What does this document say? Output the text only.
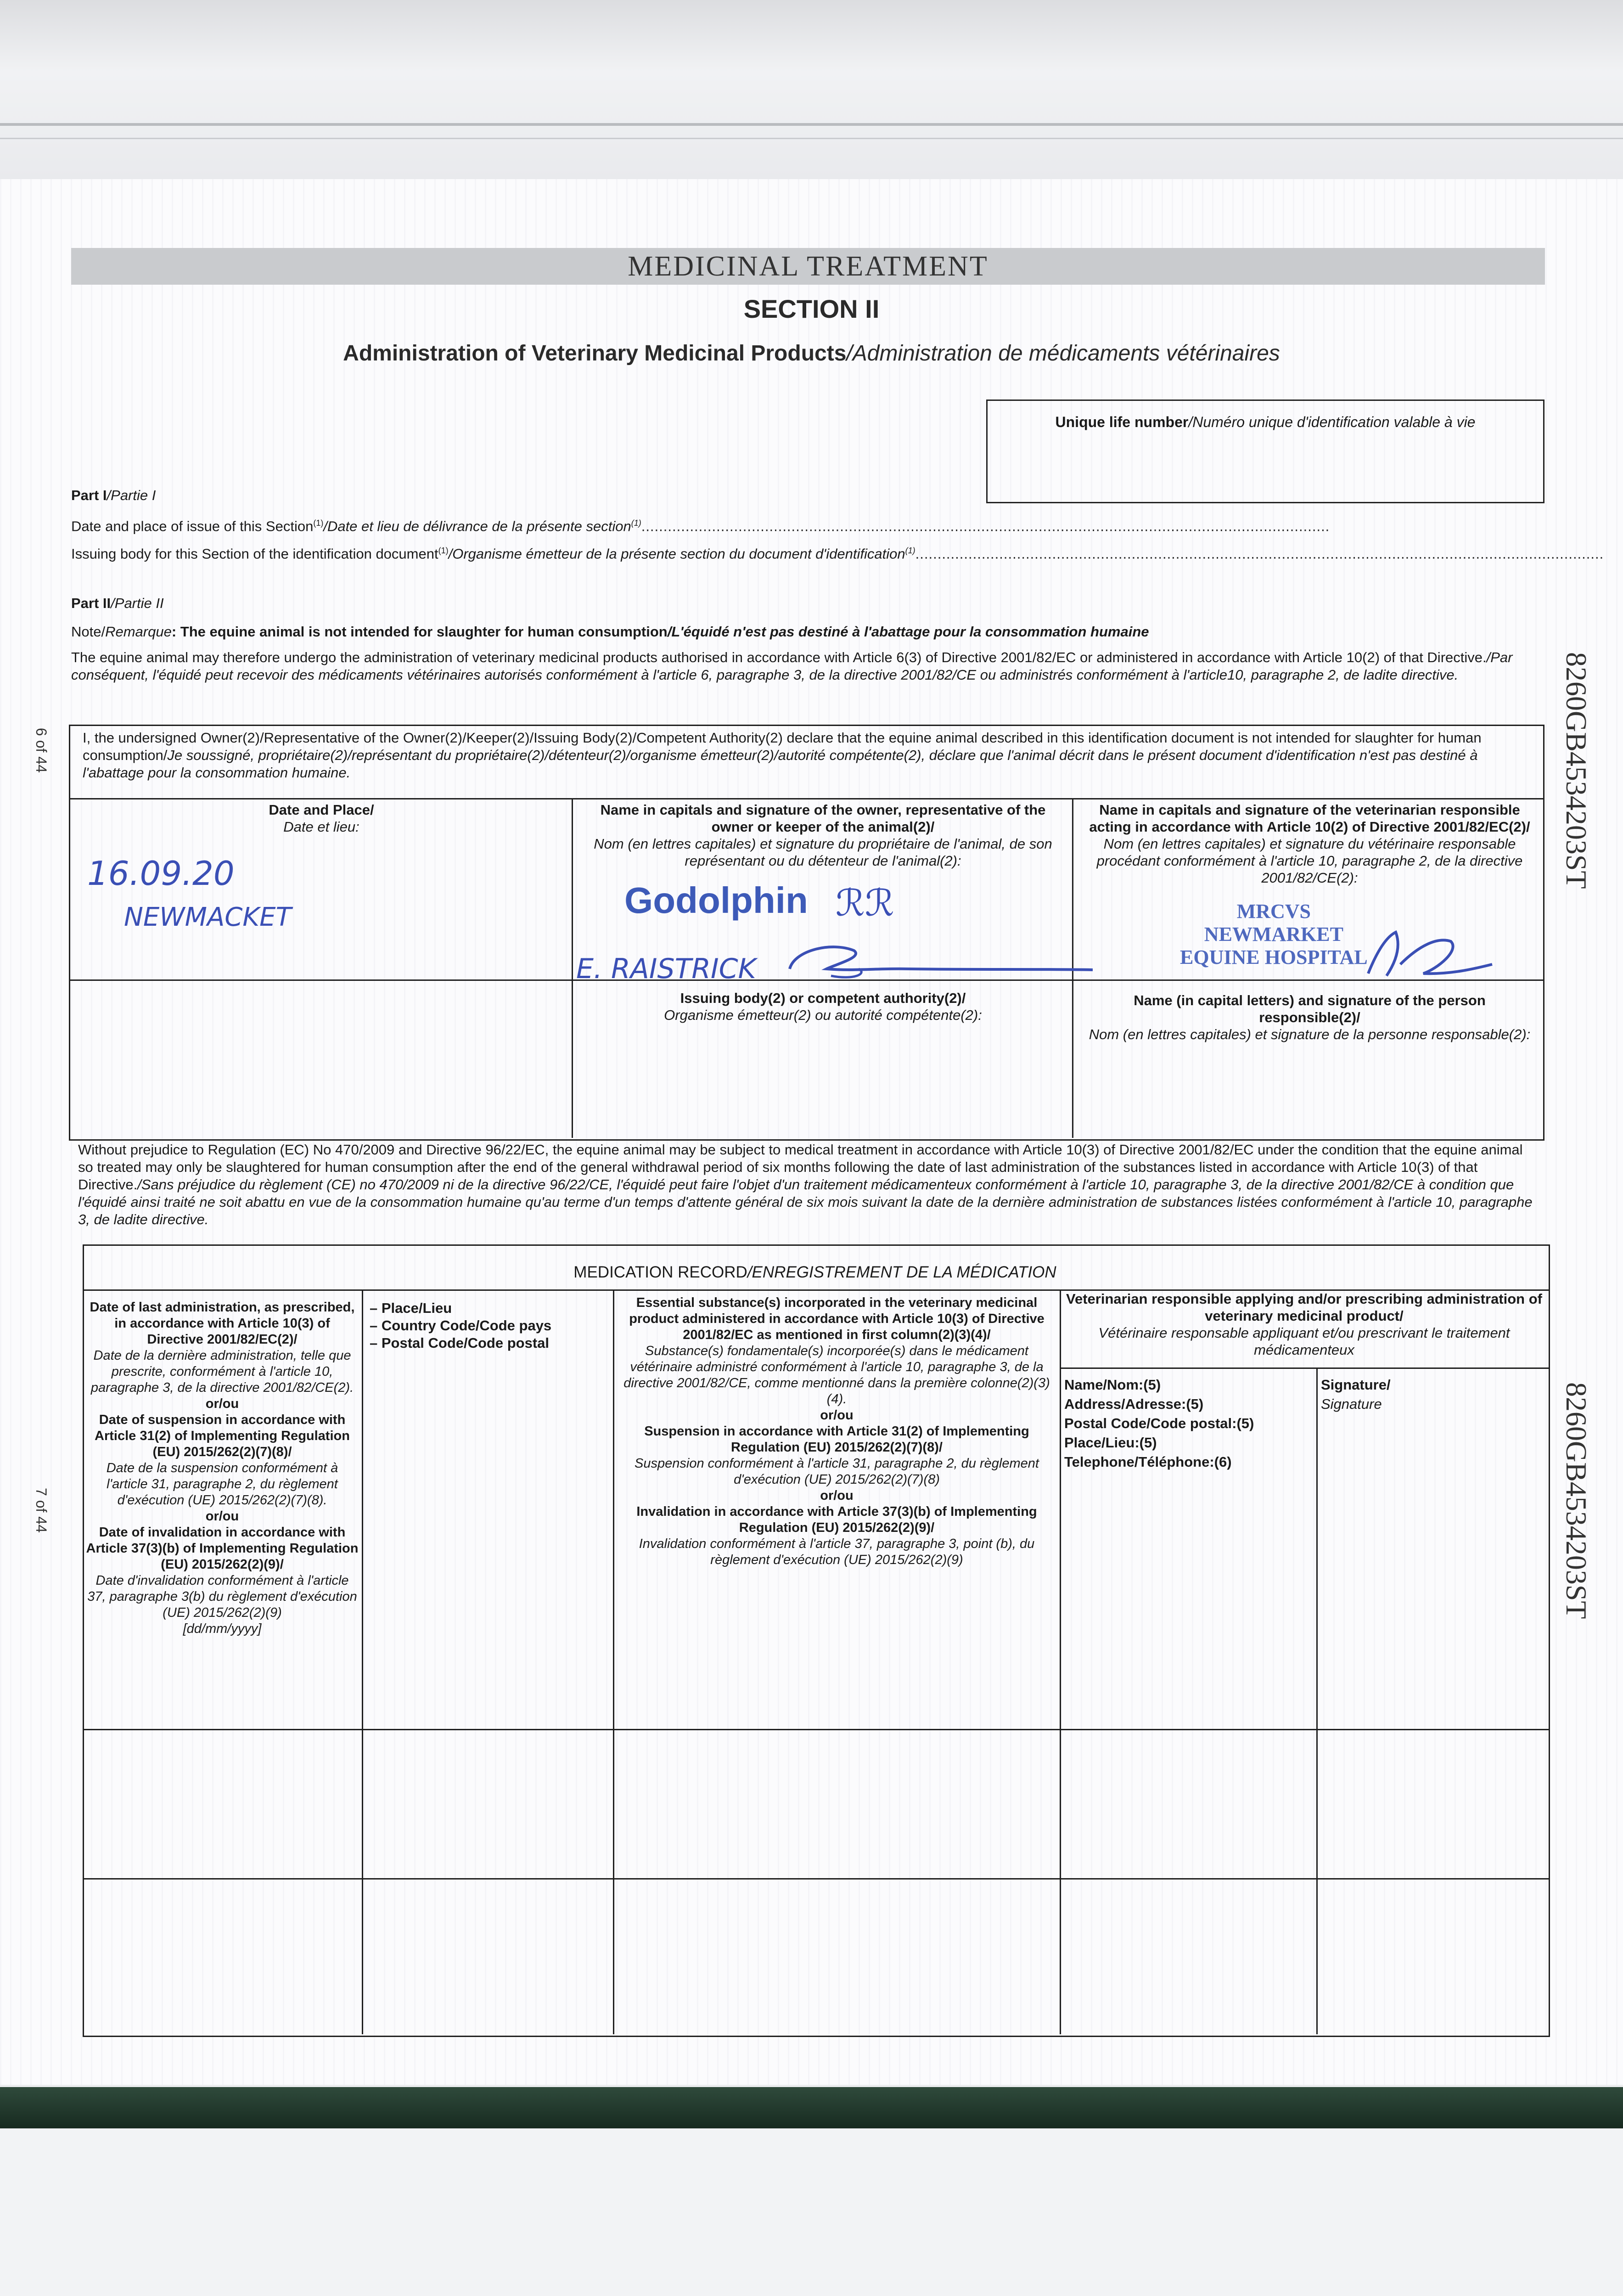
MEDICINAL TREATMENT
SECTION II
Administration of Veterinary Medicinal Products/Administration de médicaments vétérinaires
Unique life number/Numéro unique d'identification valable à vie
8260GB4534203ST
8260GB4534203ST
6 of 44
7 of 44
Part I/Partie I
Date and place of issue of this Section$^{(1)}$/Date et lieu de délivrance de la présente section$^{(1)}$............................................................................................................................................................
Issuing body for this Section of the identification document$^{(1)}$/Organisme émetteur de la présente section du document d'identification$^{(1)}$............................................................................................................................................................
Part II/Partie II
Note/Remarque: The equine animal is not intended for slaughter for human consumption/L'équidé n'est pas destiné à l'abattage pour la consommation humaine
The equine animal may therefore undergo the administration of veterinary medicinal products authorised in accordance with Article 6(3) of Directive 2001/82/EC or administered in accordance with Article 10(2) of that Directive./Par conséquent, l'équidé peut recevoir des médicaments vétérinaires autorisés conformément à l'article 6, paragraphe 3, de la directive 2001/82/CE ou administrés conformément à l'article10, paragraphe 2, de ladite directive.
I, the undersigned Owner(2)/Representative of the Owner(2)/Keeper(2)/Issuing Body(2)/Competent Authority(2) declare that the equine animal described in this identification document is not intended for slaughter for human consumption/Je soussigné, propriétaire(2)/représentant du propriétaire(2)/détenteur(2)/organisme émetteur(2)/autorité compétente(2), déclare que l'animal décrit dans le présent document d'identification n'est pas destiné à l'abattage pour la consommation humaine.
Date and Place/
Date et lieu:
Name in capitals and signature of the owner, representative of the owner or keeper of the animal(2)/
Nom (en lettres capitales) et signature du propriétaire de l'animal, de son représentant ou du détenteur de l'animal(2):
Name in capitals and signature of the veterinarian responsible acting in accordance with Article 10(2) of Directive 2001/82/EC(2)/
Nom (en lettres capitales) et signature du vétérinaire responsable procédant conformément à l'article 10, paragraphe 2, de la directive 2001/82/CE(2):
16.09.20
NEWMACKET	Godolphin ℛℛ
E. RAISTRICK
MRCVS
NEWMARKET
EQUINE HOSPITAL
Issuing body(2) or competent authority(2)/
Organisme émetteur(2) ou autorité compétente(2):
Name (in capital letters) and signature of the person responsible(2)/
Nom (en lettres capitales) et signature de la personne responsable(2):
Without prejudice to Regulation (EC) No 470/2009 and Directive 96/22/EC, the equine animal may be subject to medical treatment in accordance with Article 10(3) of Directive 2001/82/EC under the condition that the equine animal so treated may only be slaughtered for human consumption after the end of the general withdrawal period of six months following the date of last administration of the substances listed in accordance with Article 10(3) of that Directive./Sans préjudice du règlement (CE) no 470/2009 ni de la directive 96/22/CE, l'équidé peut faire l'objet d'un traitement médicamenteux conformément à l'article 10, paragraphe 3, de la directive 2001/82/CE à condition que l'équidé ainsi traité ne soit abattu en vue de la consommation humaine qu'au terme d'un temps d'attente général de six mois suivant la date de la dernière administration de substances listées conformément à l'article 10, paragraphe 3, de ladite directive.
MEDICATION RECORD/ENREGISTREMENT DE LA MÉDICATION
Date of last administration, as prescribed, in accordance with Article 10(3) of Directive 2001/82/EC(2)/
Date de la dernière administration, telle que prescrite, conformément à l'article 10, paragraphe 3, de la directive 2001/82/CE(2).
or/ou
Date of suspension in accordance with Article 31(2) of Implementing Regulation (EU) 2015/262(2)(7)(8)/
Date de la suspension conformément à l'article 31, paragraphe 2, du règlement d'exécution (UE) 2015/262(2)(7)(8).
or/ou
Date of invalidation in accordance with Article 37(3)(b) of Implementing Regulation (EU) 2015/262(2)(9)/
Date d'invalidation conformément à l'article 37, paragraphe 3(b) du règlement d'exécution (UE) 2015/262(2)(9)
[dd/mm/yyyy]
– Place/Lieu
– Country Code/Code pays
– Postal Code/Code postal
Essential substance(s) incorporated in the veterinary medicinal product administered in accordance with Article 10(3) of Directive 2001/82/EC as mentioned in first column(2)(3)(4)/
Substance(s) fondamentale(s) incorporée(s) dans le médicament vétérinaire administré conformément à l'article 10, paragraphe 3, de la directive 2001/82/CE, comme mentionné dans la première colonne(2)(3)(4).
or/ou
Suspension in accordance with Article 31(2) of Implementing Regulation (EU) 2015/262(2)(7)(8)/
Suspension conformément à l'article 31, paragraphe 2, du règlement d'exécution (UE) 2015/262(2)(7)(8)
or/ou
Invalidation in accordance with Article 37(3)(b) of Implementing Regulation (EU) 2015/262(2)(9)/
Invalidation conformément à l'article 37, paragraphe 3, point (b), du règlement d'exécution (UE) 2015/262(2)(9)
Veterinarian responsible applying and/or prescribing administration of veterinary medicinal product/
Vétérinaire responsable appliquant et/ou prescrivant le traitement médicamenteux
Name/Nom:(5)
Address/Adresse:(5)
Postal Code/Code postal:(5)
Place/Lieu:(5)
Telephone/Téléphone:(6)
Signature/
Signature
